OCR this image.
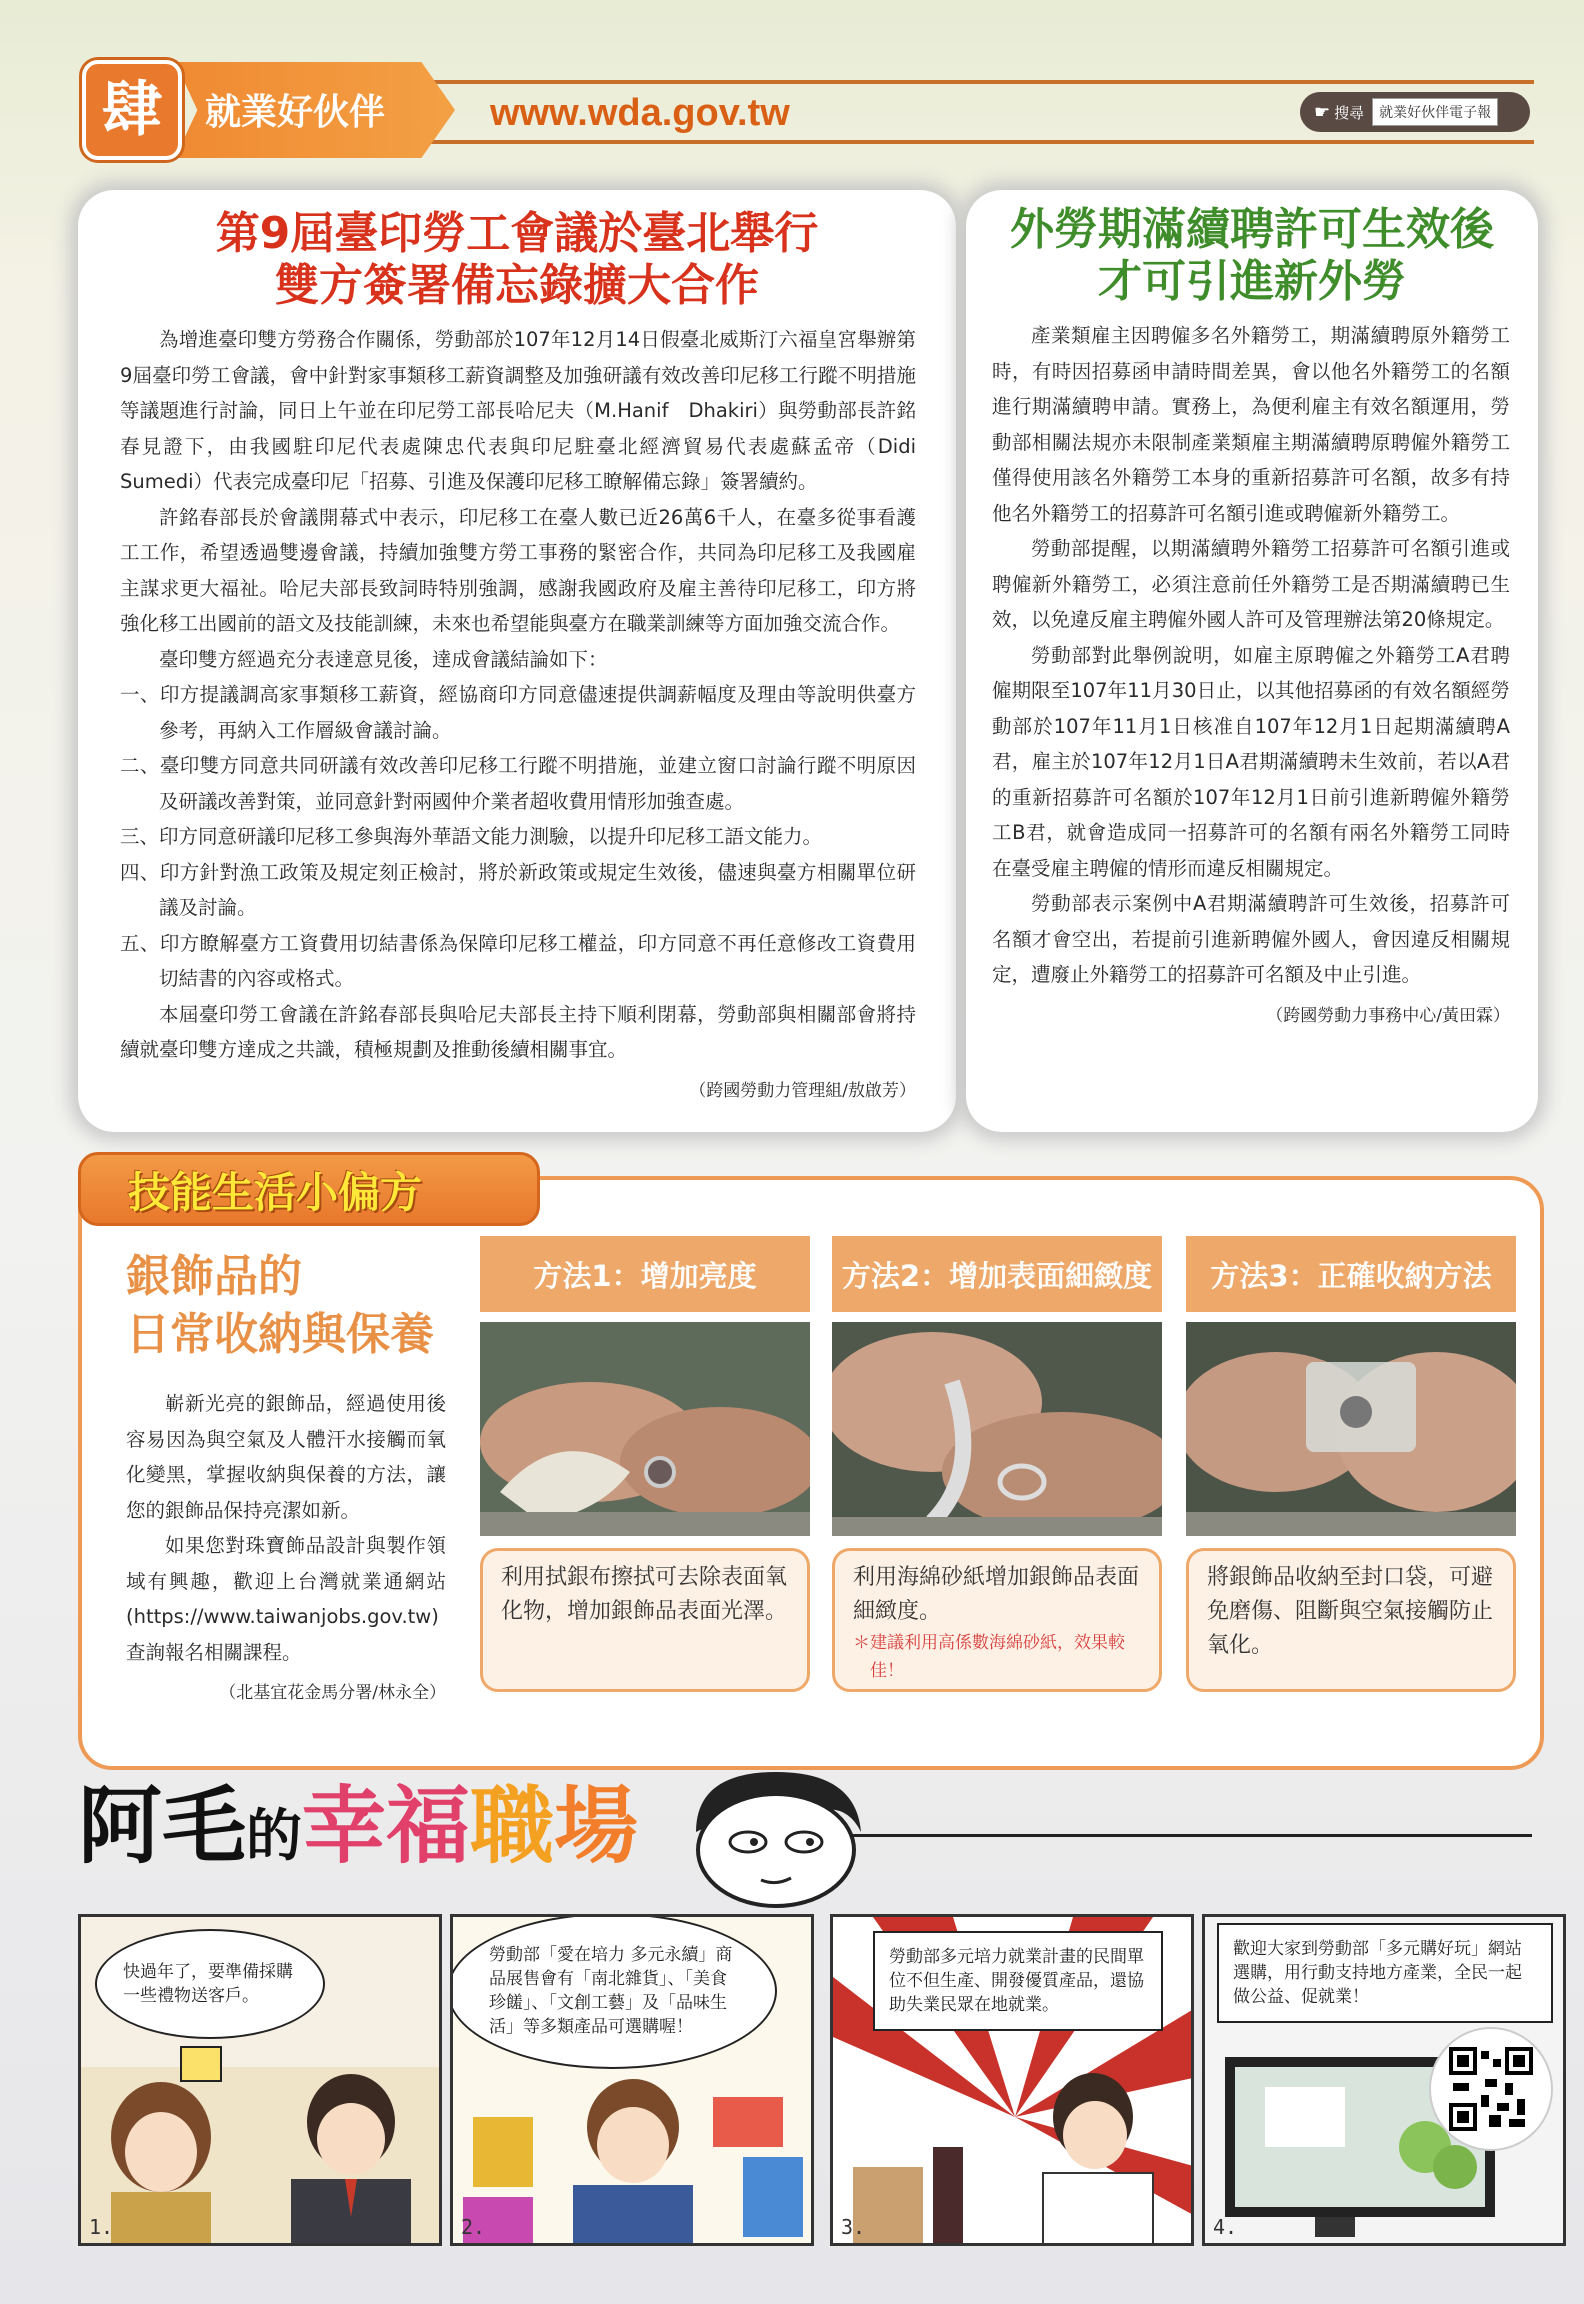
肆	就業好伙伴	www.wda.gov.tw	☛ 搜尋	就業好伙伴電子報
第9屆臺印勞工會議於臺北舉行
雙方簽署備忘錄擴大合作

為增進臺印雙方勞務合作關係，勞動部於107年12月14日假臺北威斯汀六福皇宮舉辦第9屆臺印勞工會議，會中針對家事類移工薪資調整及加強研議有效改善印尼移工行蹤不明措施等議題進行討論，同日上午並在印尼勞工部長哈尼夫（M.Hanif　Dhakiri）與勞動部長許銘春見證下，由我國駐印尼代表處陳忠代表與印尼駐臺北經濟貿易代表處蘇孟帝（Didi Sumedi）代表完成臺印尼「招募、引進及保護印尼移工瞭解備忘錄」簽署續約。

許銘春部長於會議開幕式中表示，印尼移工在臺人數已近26萬6千人，在臺多從事看護工工作，希望透過雙邊會議，持續加強雙方勞工事務的緊密合作，共同為印尼移工及我國雇主謀求更大福祉。哈尼夫部長致詞時特別強調，感謝我國政府及雇主善待印尼移工，印方將強化移工出國前的語文及技能訓練，未來也希望能與臺方在職業訓練等方面加強交流合作。

臺印雙方經過充分表達意見後，達成會議結論如下：

一、印方提議調高家事類移工薪資，經協商印方同意儘速提供調薪幅度及理由等說明供臺方參考，再納入工作層級會議討論。
二、臺印雙方同意共同研議有效改善印尼移工行蹤不明措施，並建立窗口討論行蹤不明原因及研議改善對策，並同意針對兩國仲介業者超收費用情形加強查處。
三、印方同意研議印尼移工參與海外華語文能力測驗，以提升印尼移工語文能力。
四、印方針對漁工政策及規定刻正檢討，將於新政策或規定生效後，儘速與臺方相關單位研議及討論。
五、印方瞭解臺方工資費用切結書係為保障印尼移工權益，印方同意不再任意修改工資費用切結書的內容或格式。

本屆臺印勞工會議在許銘春部長與哈尼夫部長主持下順利閉幕，勞動部與相關部會將持續就臺印雙方達成之共識，積極規劃及推動後續相關事宜。

（跨國勞動力管理組/敖啟芳）
外勞期滿續聘許可生效後
才可引進新外勞

產業類雇主因聘僱多名外籍勞工，期滿續聘原外籍勞工時，有時因招募函申請時間差異，會以他名外籍勞工的名額進行期滿續聘申請。實務上，為便利雇主有效名額運用，勞動部相關法規亦未限制產業類雇主期滿續聘原聘僱外籍勞工僅得使用該名外籍勞工本身的重新招募許可名額，故多有持他名外籍勞工的招募許可名額引進或聘僱新外籍勞工。

勞動部提醒，以期滿續聘外籍勞工招募許可名額引進或聘僱新外籍勞工，必須注意前任外籍勞工是否期滿續聘已生效，以免違反雇主聘僱外國人許可及管理辦法第20條規定。

勞動部對此舉例說明，如雇主原聘僱之外籍勞工A君聘僱期限至107年11月30日止，以其他招募函的有效名額經勞動部於107年11月1日核准自107年12月1日起期滿續聘A君，雇主於107年12月1日A君期滿續聘未生效前，若以A君的重新招募許可名額於107年12月1日前引進新聘僱外籍勞工B君，就會造成同一招募許可的名額有兩名外籍勞工同時在臺受雇主聘僱的情形而違反相關規定。

勞動部表示案例中A君期滿續聘許可生效後，招募許可名額才會空出，若提前引進新聘僱外國人，會因違反相關規定，遭廢止外籍勞工的招募許可名額及中止引進。

（跨國勞動力事務中心/黃田霖）
技能生活小偏方
銀飾品的
日常收納與保養

嶄新光亮的銀飾品，經過使用後容易因為與空氣及人體汗水接觸而氧化變黑，掌握收納與保養的方法，讓您的銀飾品保持亮潔如新。

如果您對珠寶飾品設計與製作領域有興趣，歡迎上台灣就業通網站(https://www.taiwanjobs.gov.tw)查詢報名相關課程。

（北基宜花金馬分署/林永全）
方法1：增加亮度
利用拭銀布擦拭可去除表面氧化物，增加銀飾品表面光澤。
方法2：增加表面細緻度
利用海綿砂紙增加銀飾品表面細緻度。
＊建議利用高係數海綿砂紙，效果較佳！
方法3：正確收納方法
將銀飾品收納至封口袋，可避免磨傷、阻斷與空氣接觸防止氧化。
阿毛的幸福職場
快過年了，要準備採購一些禮物送客戶。
1.
勞動部「愛在培力 多元永續」商品展售會有「南北雜貨」、「美食珍饈」、「文創工藝」及「品味生活」等多類產品可選購喔！
2.
勞動部多元培力就業計畫的民間單位不但生產、開發優質產品，還協助失業民眾在地就業。
3.
歡迎大家到勞動部「多元購好玩」網站選購，用行動支持地方產業，全民一起做公益、促就業！
4.
